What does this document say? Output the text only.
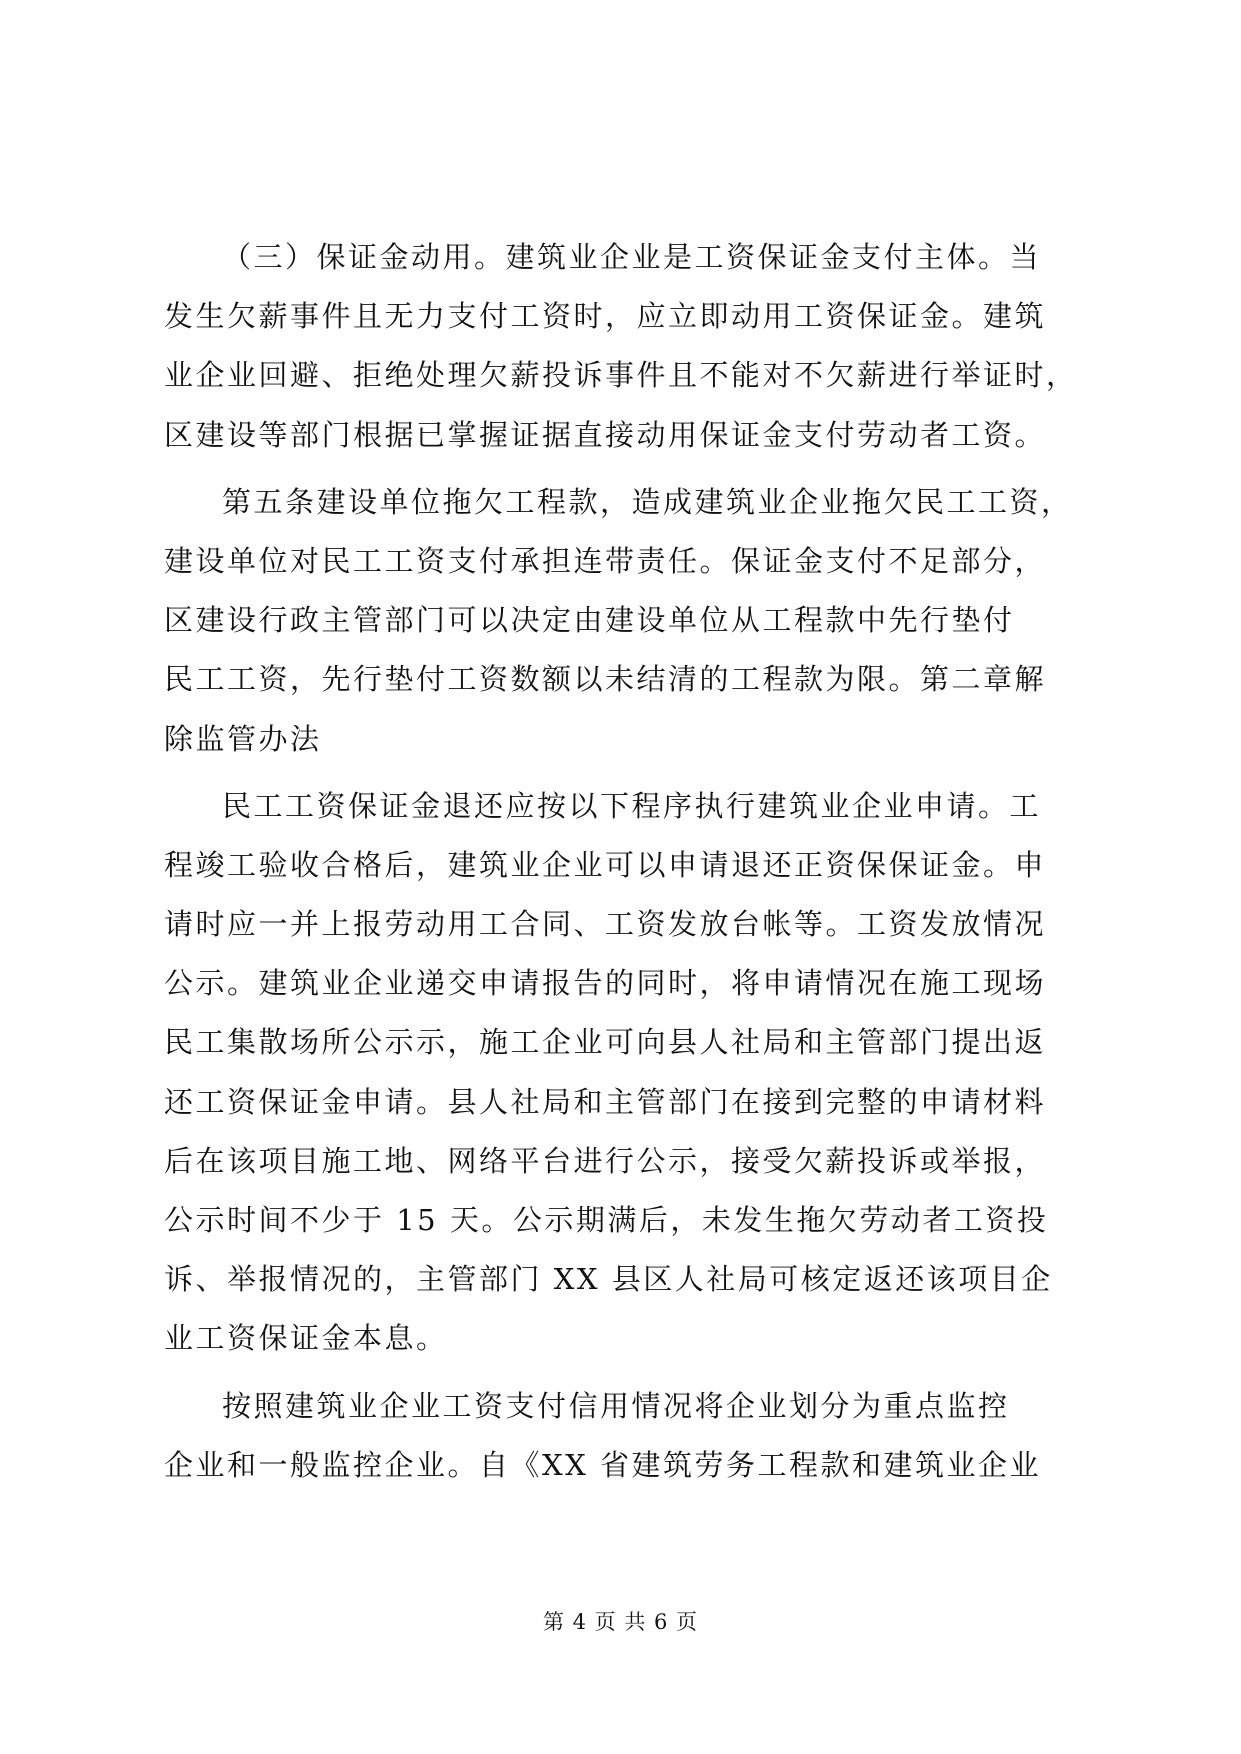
（三）保证金动用。建筑业企业是工资保证金支付主体。当
发生欠薪事件且无力支付工资时，应立即动用工资保证金。建筑
业企业回避、拒绝处理欠薪投诉事件且不能对不欠薪进行举证时，
区建设等部门根据已掌握证据直接动用保证金支付劳动者工资。
第五条建设单位拖欠工程款，造成建筑业企业拖欠民工工资，
建设单位对民工工资支付承担连带责任。保证金支付不足部分，
区建设行政主管部门可以决定由建设单位从工程款中先行垫付
民工工资，先行垫付工资数额以未结清的工程款为限。第二章解
除监管办法
民工工资保证金退还应按以下程序执行建筑业企业申请。工
程竣工验收合格后，建筑业企业可以申请退还正资保保证金。申
请时应一并上报劳动用工合同、工资发放台帐等。工资发放情况
公示。建筑业企业递交申请报告的同时，将申请情况在施工现场
民工集散场所公示示，施工企业可向县人社局和主管部门提出返
还工资保证金申请。县人社局和主管部门在接到完整的申请材料
后在该项目施工地、网络平台进行公示，接受欠薪投诉或举报，
公示时间不少于 15 天。公示期满后，未发生拖欠劳动者工资投
诉、举报情况的，主管部门 XX 县区人社局可核定返还该项目企
业工资保证金本息。
按照建筑业企业工资支付信用情况将企业划分为重点监控
企业和一般监控企业。自《XX 省建筑劳务工程款和建筑业企业
第 4 页 共 6 页
